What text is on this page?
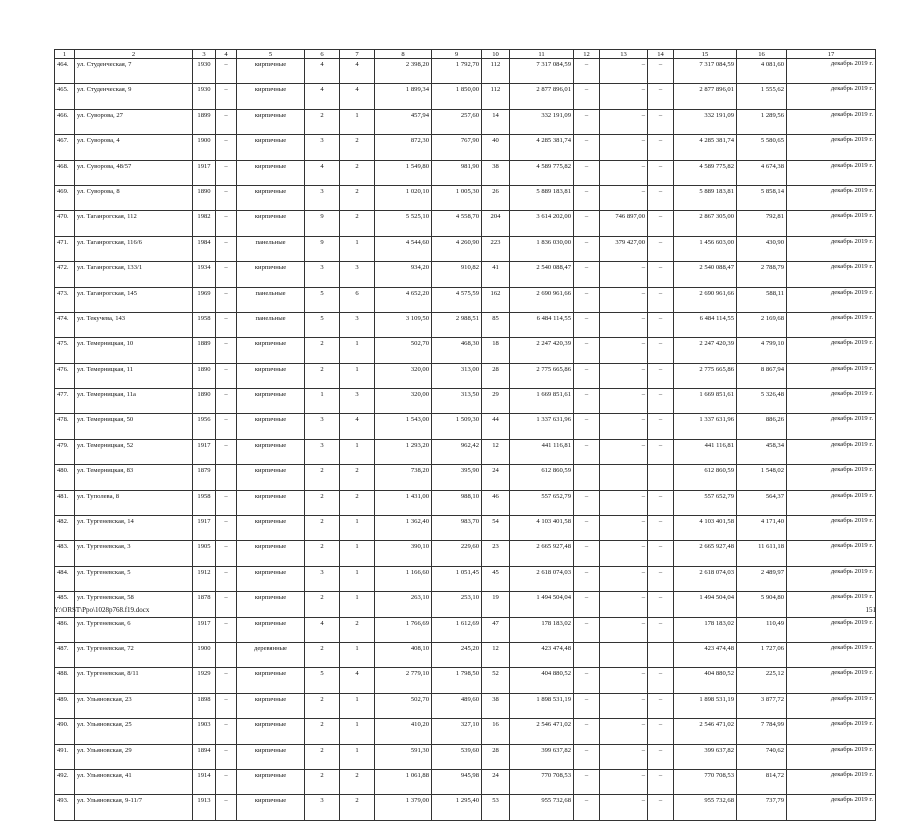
1	2	3	4	5	6	7	8	9	10	11	12	13	14	15	16	17
464.	ул. Студенческая, 7	1930	–	кирпичные	4	4	2 398,20	1 792,70	112	7 317 084,59	–	–	–	7 317 084,59	4 081,60	декабрь 2019 г.
465.	ул. Студенческая, 9	1930	–	кирпичные	4	4	1 899,34	1 850,00	112	2 877 896,01	–	–	–	2 877 896,01	1 555,62	декабрь 2019 г.
466.	ул. Суворова, 27	1899	–	кирпичные	2	1	457,94	257,60	14	332 191,09	–	–	–	332 191,09	1 289,56	декабрь 2019 г.
467.	ул. Суворова, 4	1900	–	кирпичные	3	2	872,30	767,90	40	4 285 381,74	–	–	–	4 285 381,74	5 580,65	декабрь 2019 г.
468.	ул. Суворова, 48/57	1917	–	кирпичные	4	2	1 549,80	981,90	38	4 589 775,82	–	–	–	4 589 775,82	4 674,38	декабрь 2019 г.
469.	ул. Суворова, 8	1890	–	кирпичные	3	2	1 020,10	1 005,30	26	5 889 183,81	–	–	–	5 889 183,81	5 858,14	декабрь 2019 г.
470.	ул. Таганрогская, 112	1982	–	кирпичные	9	2	5 525,10	4 558,70	204	3 614 202,00	–	746 897,00	–	2 867 305,00	792,81	декабрь 2019 г.
471.	ул. Таганрогская, 116/6	1984	–	панельные	9	1	4 544,60	4 260,90	223	1 836 030,00	–	379 427,00	–	1 456 603,00	430,90	декабрь 2019 г.
472.	ул. Таганрогская, 133/1	1934	–	кирпичные	3	3	934,20	910,82	41	2 540 088,47	–	–	–	2 540 088,47	2 788,79	декабрь 2019 г.
473.	ул. Таганрогская, 145	1969	–	панельные	5	6	4 652,20	4 575,59	162	2 690 961,66	–	–	–	2 690 961,66	588,11	декабрь 2019 г.
474.	ул. Текучева, 143	1958	–	панельные	5	3	3 109,50	2 988,51	85	6 484 114,55	–	–	–	6 484 114,55	2 169,68	декабрь 2019 г.
475.	ул. Темерницкая, 10	1889	–	кирпичные	2	1	502,70	468,30	18	2 247 420,39	–	–	–	2 247 420,39	4 799,10	декабрь 2019 г.
476.	ул. Темерницкая, 11	1890	–	кирпичные	2	1	320,00	313,00	28	2 775 665,86	–	–	–	2 775 665,86	8 867,94	декабрь 2019 г.
477.	ул. Темерницкая, 11а	1890	–	кирпичные	1	3	320,00	313,50	29	1 669 851,61	–	–	–	1 669 851,61	5 326,48	декабрь 2019 г.
478.	ул. Темерницкая, 50	1956	–	кирпичные	3	4	1 543,00	1 509,30	44	1 337 631,96	–	–	–	1 337 631,96	886,26	декабрь 2019 г.
479.	ул. Темерницкая, 52	1917	–	кирпичные	3	1	1 293,20	962,42	12	441 116,81	–	–	–	441 116,81	458,34	декабрь 2019 г.
480.	ул. Темерницкая, 83	1879		кирпичные	2	2	738,20	395,90	24	612 860,59				612 860,59	1 548,02	декабрь 2019 г.
481.	ул. Туполева, 8	1958	–	кирпичные	2	2	1 431,00	988,10	46	557 652,79	–	–	–	557 652,79	564,37	декабрь 2019 г.
482.	ул. Тургеневская, 14	1917	–	кирпичные	2	1	1 362,40	983,70	54	4 103 401,58	–	–	–	4 103 401,58	4 171,40	декабрь 2019 г.
483.	ул. Тургеневская, 3	1905	–	кирпичные	2	1	390,10	229,60	23	2 665 927,48	–	–	–	2 665 927,48	11 611,18	декабрь 2019 г.
484.	ул. Тургеневская, 5	1912	–	кирпичные	3	1	1 166,60	1 051,45	45	2 618 074,03	–	–	–	2 618 074,03	2 489,97	декабрь 2019 г.
485.	ул. Тургеневская, 58	1878	–	кирпичные	2	1	263,10	253,10	19	1 494 504,04	–	–	–	1 494 504,04	5 904,80	декабрь 2019 г.
486.	ул. Тургеневская, 6	1917	–	кирпичные	4	2	1 766,69	1 612,69	47	178 183,02	–	–	–	178 183,02	110,49	декабрь 2019 г.
487.	ул. Тургеневская, 72	1900		деревянные	2	1	408,10	245,20	12	423 474,48				423 474,48	1 727,06	декабрь 2019 г.
488.	ул. Тургеневская, 8/11	1929	–	кирпичные	5	4	2 779,10	1 798,50	52	404 880,52	–	–	–	404 880,52	225,12	декабрь 2019 г.
489.	ул. Ульяновская, 23	1898	–	кирпичные	2	1	502,70	489,60	38	1 898 531,19	–	–	–	1 898 531,19	3 877,72	декабрь 2019 г.
490.	ул. Ульяновская, 25	1903	–	кирпичные	2	1	410,20	327,10	16	2 546 471,02	–	–	–	2 546 471,02	7 784,99	декабрь 2019 г.
491.	ул. Ульяновская, 29	1894	–	кирпичные	2	1	591,30	539,60	28	399 637,82	–	–	–	399 637,82	740,62	декабрь 2019 г.
492.	ул. Ульяновская, 41	1914	–	кирпичные	2	2	1 061,88	945,98	24	770 708,53	–	–	–	770 708,53	814,72	декабрь 2019 г.
493.	ул. Ульяновская, 9-11/7	1913	–	кирпичные	3	2	1 379,00	1 295,40	53	955 732,68	–	–	–	955 732,68	737,79	декабрь 2019 г.
Y:\ORST\Ppo\1028p768.f19.docx	151
